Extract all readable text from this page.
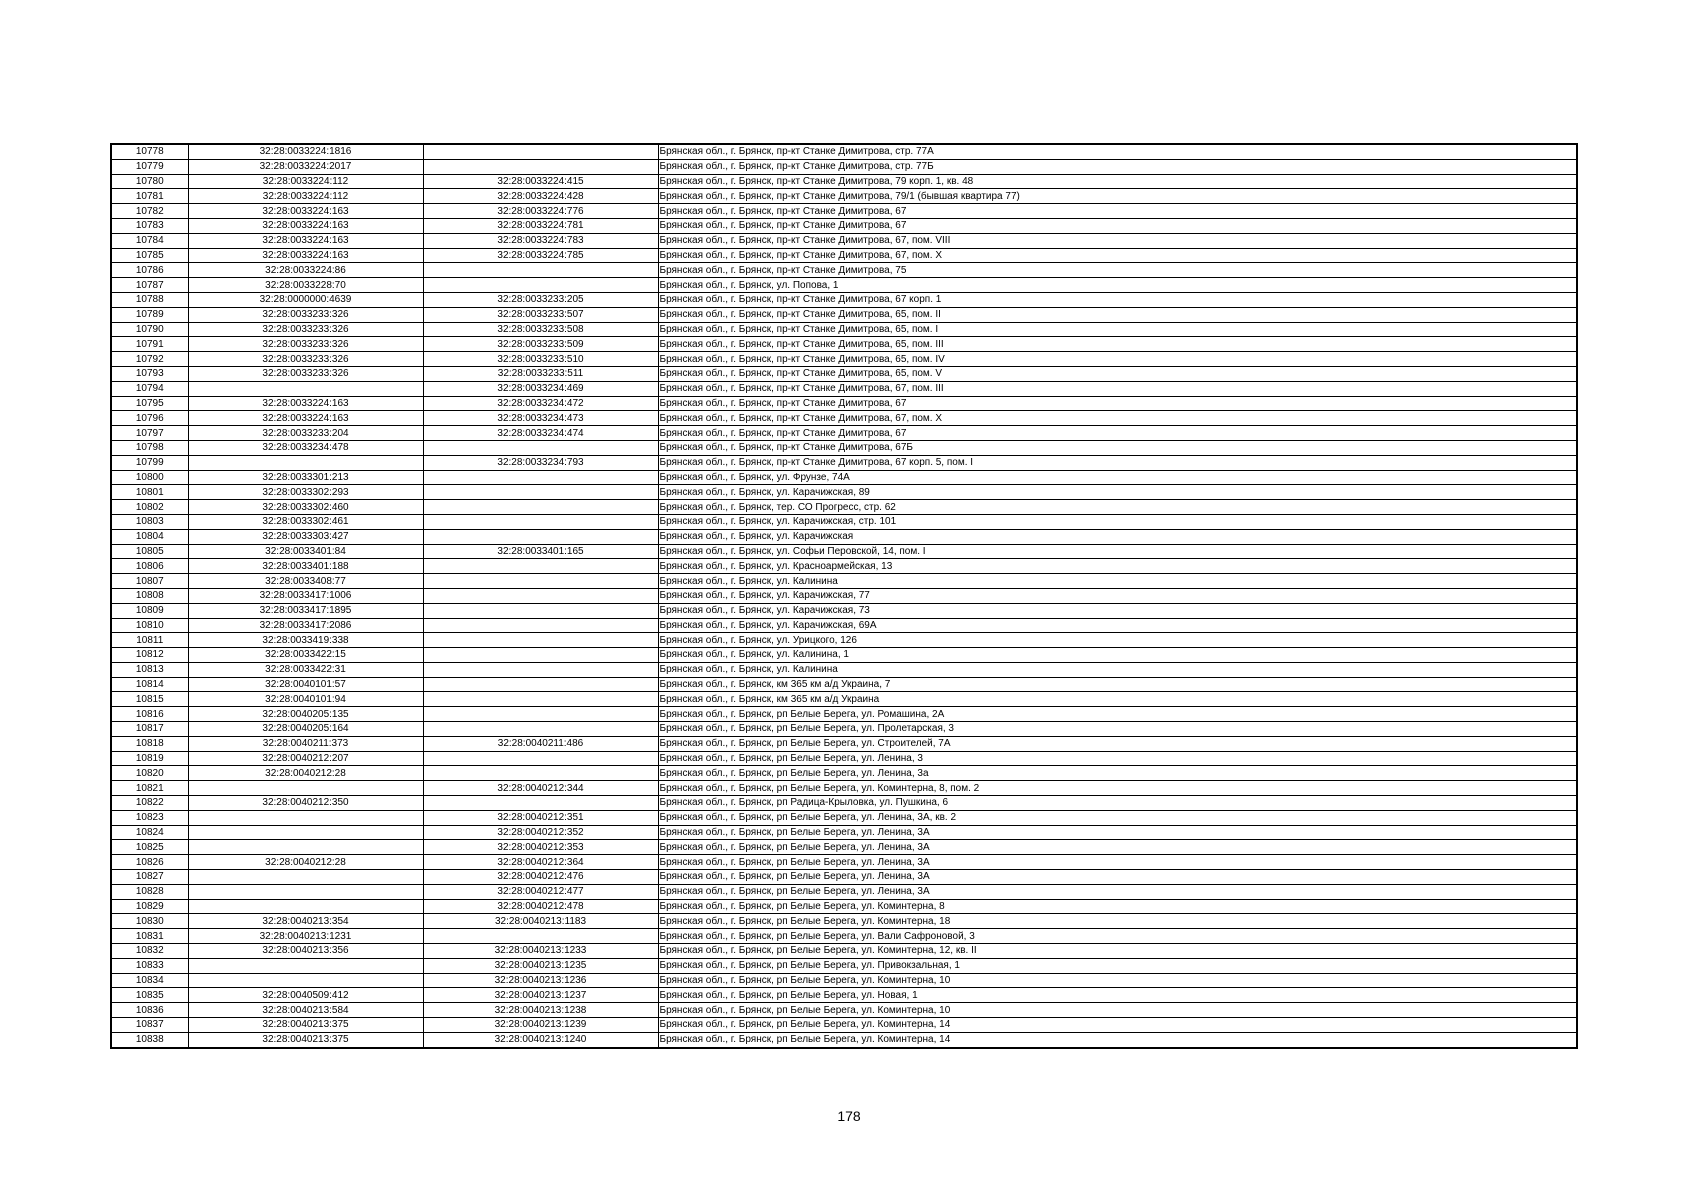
10778	32:28:0033224:1816		Брянская обл., г. Брянск, пр-кт Станке Димитрова, стр. 77А
10779	32:28:0033224:2017		Брянская обл., г. Брянск, пр-кт Станке Димитрова, стр. 77Б
10780	32:28:0033224:112	32:28:0033224:415	Брянская обл., г. Брянск, пр-кт Станке Димитрова, 79 корп. 1, кв. 48
10781	32:28:0033224:112	32:28:0033224:428	Брянская обл., г. Брянск, пр-кт Станке Димитрова, 79/1 (бывшая квартира 77)
10782	32:28:0033224:163	32:28:0033224:776	Брянская обл., г. Брянск, пр-кт Станке Димитрова, 67
10783	32:28:0033224:163	32:28:0033224:781	Брянская обл., г. Брянск, пр-кт Станке Димитрова, 67
10784	32:28:0033224:163	32:28:0033224:783	Брянская обл., г. Брянск, пр-кт Станке Димитрова, 67, пом. VIII
10785	32:28:0033224:163	32:28:0033224:785	Брянская обл., г. Брянск, пр-кт Станке Димитрова, 67, пом. X
10786	32:28:0033224:86		Брянская обл., г. Брянск, пр-кт Станке Димитрова, 75
10787	32:28:0033228:70		Брянская обл., г. Брянск, ул. Попова, 1
10788	32:28:0000000:4639	32:28:0033233:205	Брянская обл., г. Брянск, пр-кт Станке Димитрова, 67 корп. 1
10789	32:28:0033233:326	32:28:0033233:507	Брянская обл., г. Брянск, пр-кт Станке Димитрова, 65, пом. II
10790	32:28:0033233:326	32:28:0033233:508	Брянская обл., г. Брянск, пр-кт Станке Димитрова, 65, пом. I
10791	32:28:0033233:326	32:28:0033233:509	Брянская обл., г. Брянск, пр-кт Станке Димитрова, 65, пом. III
10792	32:28:0033233:326	32:28:0033233:510	Брянская обл., г. Брянск, пр-кт Станке Димитрова, 65, пом. IV
10793	32:28:0033233:326	32:28:0033233:511	Брянская обл., г. Брянск, пр-кт Станке Димитрова, 65, пом. V
10794		32:28:0033234:469	Брянская обл., г. Брянск, пр-кт Станке Димитрова, 67, пом. III
10795	32:28:0033224:163	32:28:0033234:472	Брянская обл., г. Брянск, пр-кт Станке Димитрова, 67
10796	32:28:0033224:163	32:28:0033234:473	Брянская обл., г. Брянск, пр-кт Станке Димитрова, 67, пом. X
10797	32:28:0033233:204	32:28:0033234:474	Брянская обл., г. Брянск, пр-кт Станке Димитрова, 67
10798	32:28:0033234:478		Брянская обл., г. Брянск, пр-кт Станке Димитрова, 67Б
10799		32:28:0033234:793	Брянская обл., г. Брянск, пр-кт Станке Димитрова, 67 корп. 5, пом. I
10800	32:28:0033301:213		Брянская обл., г. Брянск, ул. Фрунзе, 74А
10801	32:28:0033302:293		Брянская обл., г. Брянск, ул. Карачижская, 89
10802	32:28:0033302:460		Брянская обл., г. Брянск, тер. СО Прогресс, стр. 62
10803	32:28:0033302:461		Брянская обл., г. Брянск, ул. Карачижская, стр. 101
10804	32:28:0033303:427		Брянская обл., г. Брянск, ул. Карачижская
10805	32:28:0033401:84	32:28:0033401:165	Брянская обл., г. Брянск, ул. Софьи Перовской, 14, пом. I
10806	32:28:0033401:188		Брянская обл., г. Брянск, ул. Красноармейская, 13
10807	32:28:0033408:77		Брянская обл., г. Брянск, ул. Калинина
10808	32:28:0033417:1006		Брянская обл., г. Брянск, ул. Карачижская, 77
10809	32:28:0033417:1895		Брянская обл., г. Брянск, ул. Карачижская, 73
10810	32:28:0033417:2086		Брянская обл., г. Брянск, ул. Карачижская, 69А
10811	32:28:0033419:338		Брянская обл., г. Брянск, ул. Урицкого, 126
10812	32:28:0033422:15		Брянская обл., г. Брянск, ул. Калинина, 1
10813	32:28:0033422:31		Брянская обл., г. Брянск, ул. Калинина
10814	32:28:0040101:57		Брянская обл., г. Брянск, км 365 км а/д Украина, 7
10815	32:28:0040101:94		Брянская обл., г. Брянск, км 365 км а/д Украина
10816	32:28:0040205:135		Брянская обл., г. Брянск, рп Белые Берега, ул. Ромашина, 2А
10817	32:28:0040205:164		Брянская обл., г. Брянск, рп Белые Берега, ул. Пролетарская, 3
10818	32:28:0040211:373	32:28:0040211:486	Брянская обл., г. Брянск, рп Белые Берега, ул. Строителей, 7А
10819	32:28:0040212:207		Брянская обл., г. Брянск, рп Белые Берега, ул. Ленина, 3
10820	32:28:0040212:28		Брянская обл., г. Брянск, рп Белые Берега, ул. Ленина, 3а
10821		32:28:0040212:344	Брянская обл., г. Брянск, рп Белые Берега, ул. Коминтерна, 8, пом. 2
10822	32:28:0040212:350		Брянская обл., г. Брянск, рп Радица-Крыловка, ул. Пушкина, 6
10823		32:28:0040212:351	Брянская обл., г. Брянск, рп Белые Берега, ул. Ленина, 3А, кв. 2
10824		32:28:0040212:352	Брянская обл., г. Брянск, рп Белые Берега, ул. Ленина, 3А
10825		32:28:0040212:353	Брянская обл., г. Брянск, рп Белые Берега, ул. Ленина, 3А
10826	32:28:0040212:28	32:28:0040212:364	Брянская обл., г. Брянск, рп Белые Берега, ул. Ленина, 3А
10827		32:28:0040212:476	Брянская обл., г. Брянск, рп Белые Берега, ул. Ленина, 3А
10828		32:28:0040212:477	Брянская обл., г. Брянск, рп Белые Берега, ул. Ленина, 3А
10829		32:28:0040212:478	Брянская обл., г. Брянск, рп Белые Берега, ул. Коминтерна, 8
10830	32:28:0040213:354	32:28:0040213:1183	Брянская обл., г. Брянск, рп Белые Берега, ул. Коминтерна, 18
10831	32:28:0040213:1231		Брянская обл., г. Брянск, рп Белые Берега, ул. Вали Сафроновой, 3
10832	32:28:0040213:356	32:28:0040213:1233	Брянская обл., г. Брянск, рп Белые Берега, ул. Коминтерна, 12, кв. II
10833		32:28:0040213:1235	Брянская обл., г. Брянск, рп Белые Берега, ул. Привокзальная, 1
10834		32:28:0040213:1236	Брянская обл., г. Брянск, рп Белые Берега, ул. Коминтерна, 10
10835	32:28:0040509:412	32:28:0040213:1237	Брянская обл., г. Брянск, рп Белые Берега, ул. Новая, 1
10836	32:28:0040213:584	32:28:0040213:1238	Брянская обл., г. Брянск, рп Белые Берега, ул. Коминтерна, 10
10837	32:28:0040213:375	32:28:0040213:1239	Брянская обл., г. Брянск, рп Белые Берега, ул. Коминтерна, 14
10838	32:28:0040213:375	32:28:0040213:1240	Брянская обл., г. Брянск, рп Белые Берега, ул. Коминтерна, 14
178
